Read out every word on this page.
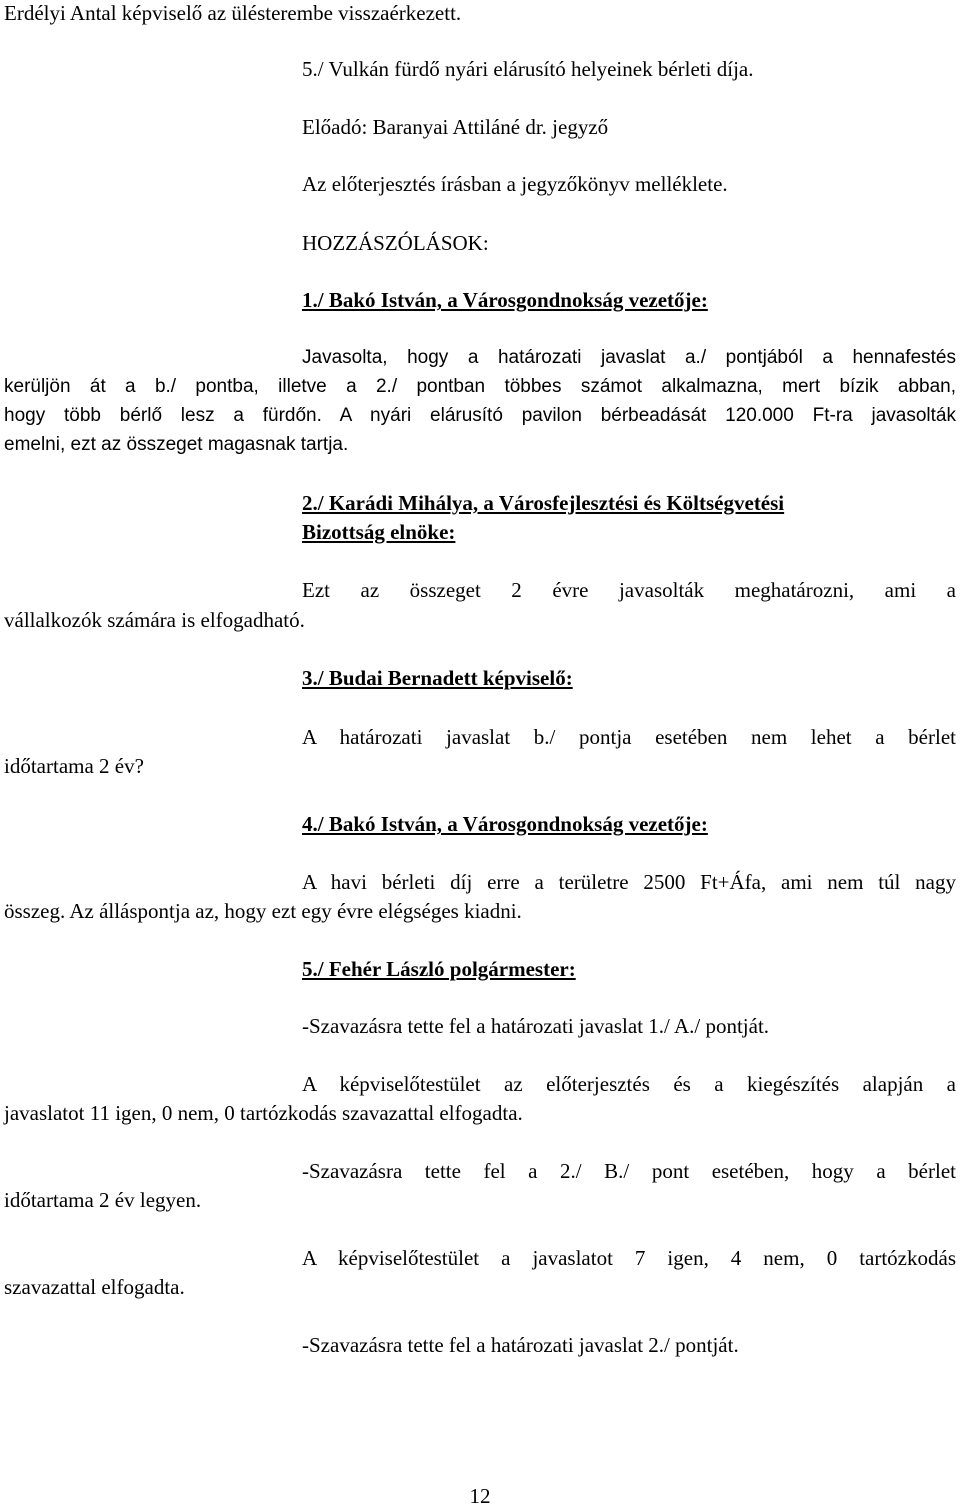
Erdélyi Antal képviselő az ülésterembe visszaérkezett.

5./ Vulkán fürdő nyári elárusító helyeinek bérleti díja.

Előadó: Baranyai Attiláné dr. jegyző

Az előterjesztés írásban a jegyzőkönyv melléklete.

HOZZÁSZÓLÁSOK:

1./ Bakó István, a Városgondnokság vezetője:

Javasolta, hogy a határozati javaslat a./ pontjából a hennafestés

kerüljön át a b./ pontba, illetve a 2./ pontban többes számot alkalmazna, mert bízik abban,

hogy több bérlő lesz a fürdőn. A nyári elárusító pavilon bérbeadását 120.000 Ft-ra javasolták

emelni, ezt az összeget magasnak tartja.

2./ Karádi Mihálya, a Városfejlesztési és Költségvetési

Bizottság elnöke:

Ezt az összeget 2 évre javasolták meghatározni, ami a

vállalkozók számára is elfogadható.

3./ Budai Bernadett képviselő:

A határozati javaslat b./ pontja esetében nem lehet a bérlet

időtartama 2 év?

4./ Bakó István, a Városgondnokság vezetője:

A havi bérleti díj erre a területre 2500 Ft+Áfa, ami nem túl nagy

összeg. Az álláspontja az, hogy ezt egy évre elégséges kiadni.

5./ Fehér László polgármester:

-Szavazásra tette fel a határozati javaslat 1./ A./ pontját.

A képviselőtestület az előterjesztés és a kiegészítés alapján a

javaslatot 11 igen, 0 nem, 0 tartózkodás szavazattal elfogadta.

-Szavazásra tette fel a 2./ B./ pont esetében, hogy a bérlet

időtartama 2 év legyen.

A képviselőtestület a javaslatot 7 igen, 4 nem, 0 tartózkodás

szavazattal elfogadta.

-Szavazásra tette fel a határozati javaslat 2./ pontját.

12
